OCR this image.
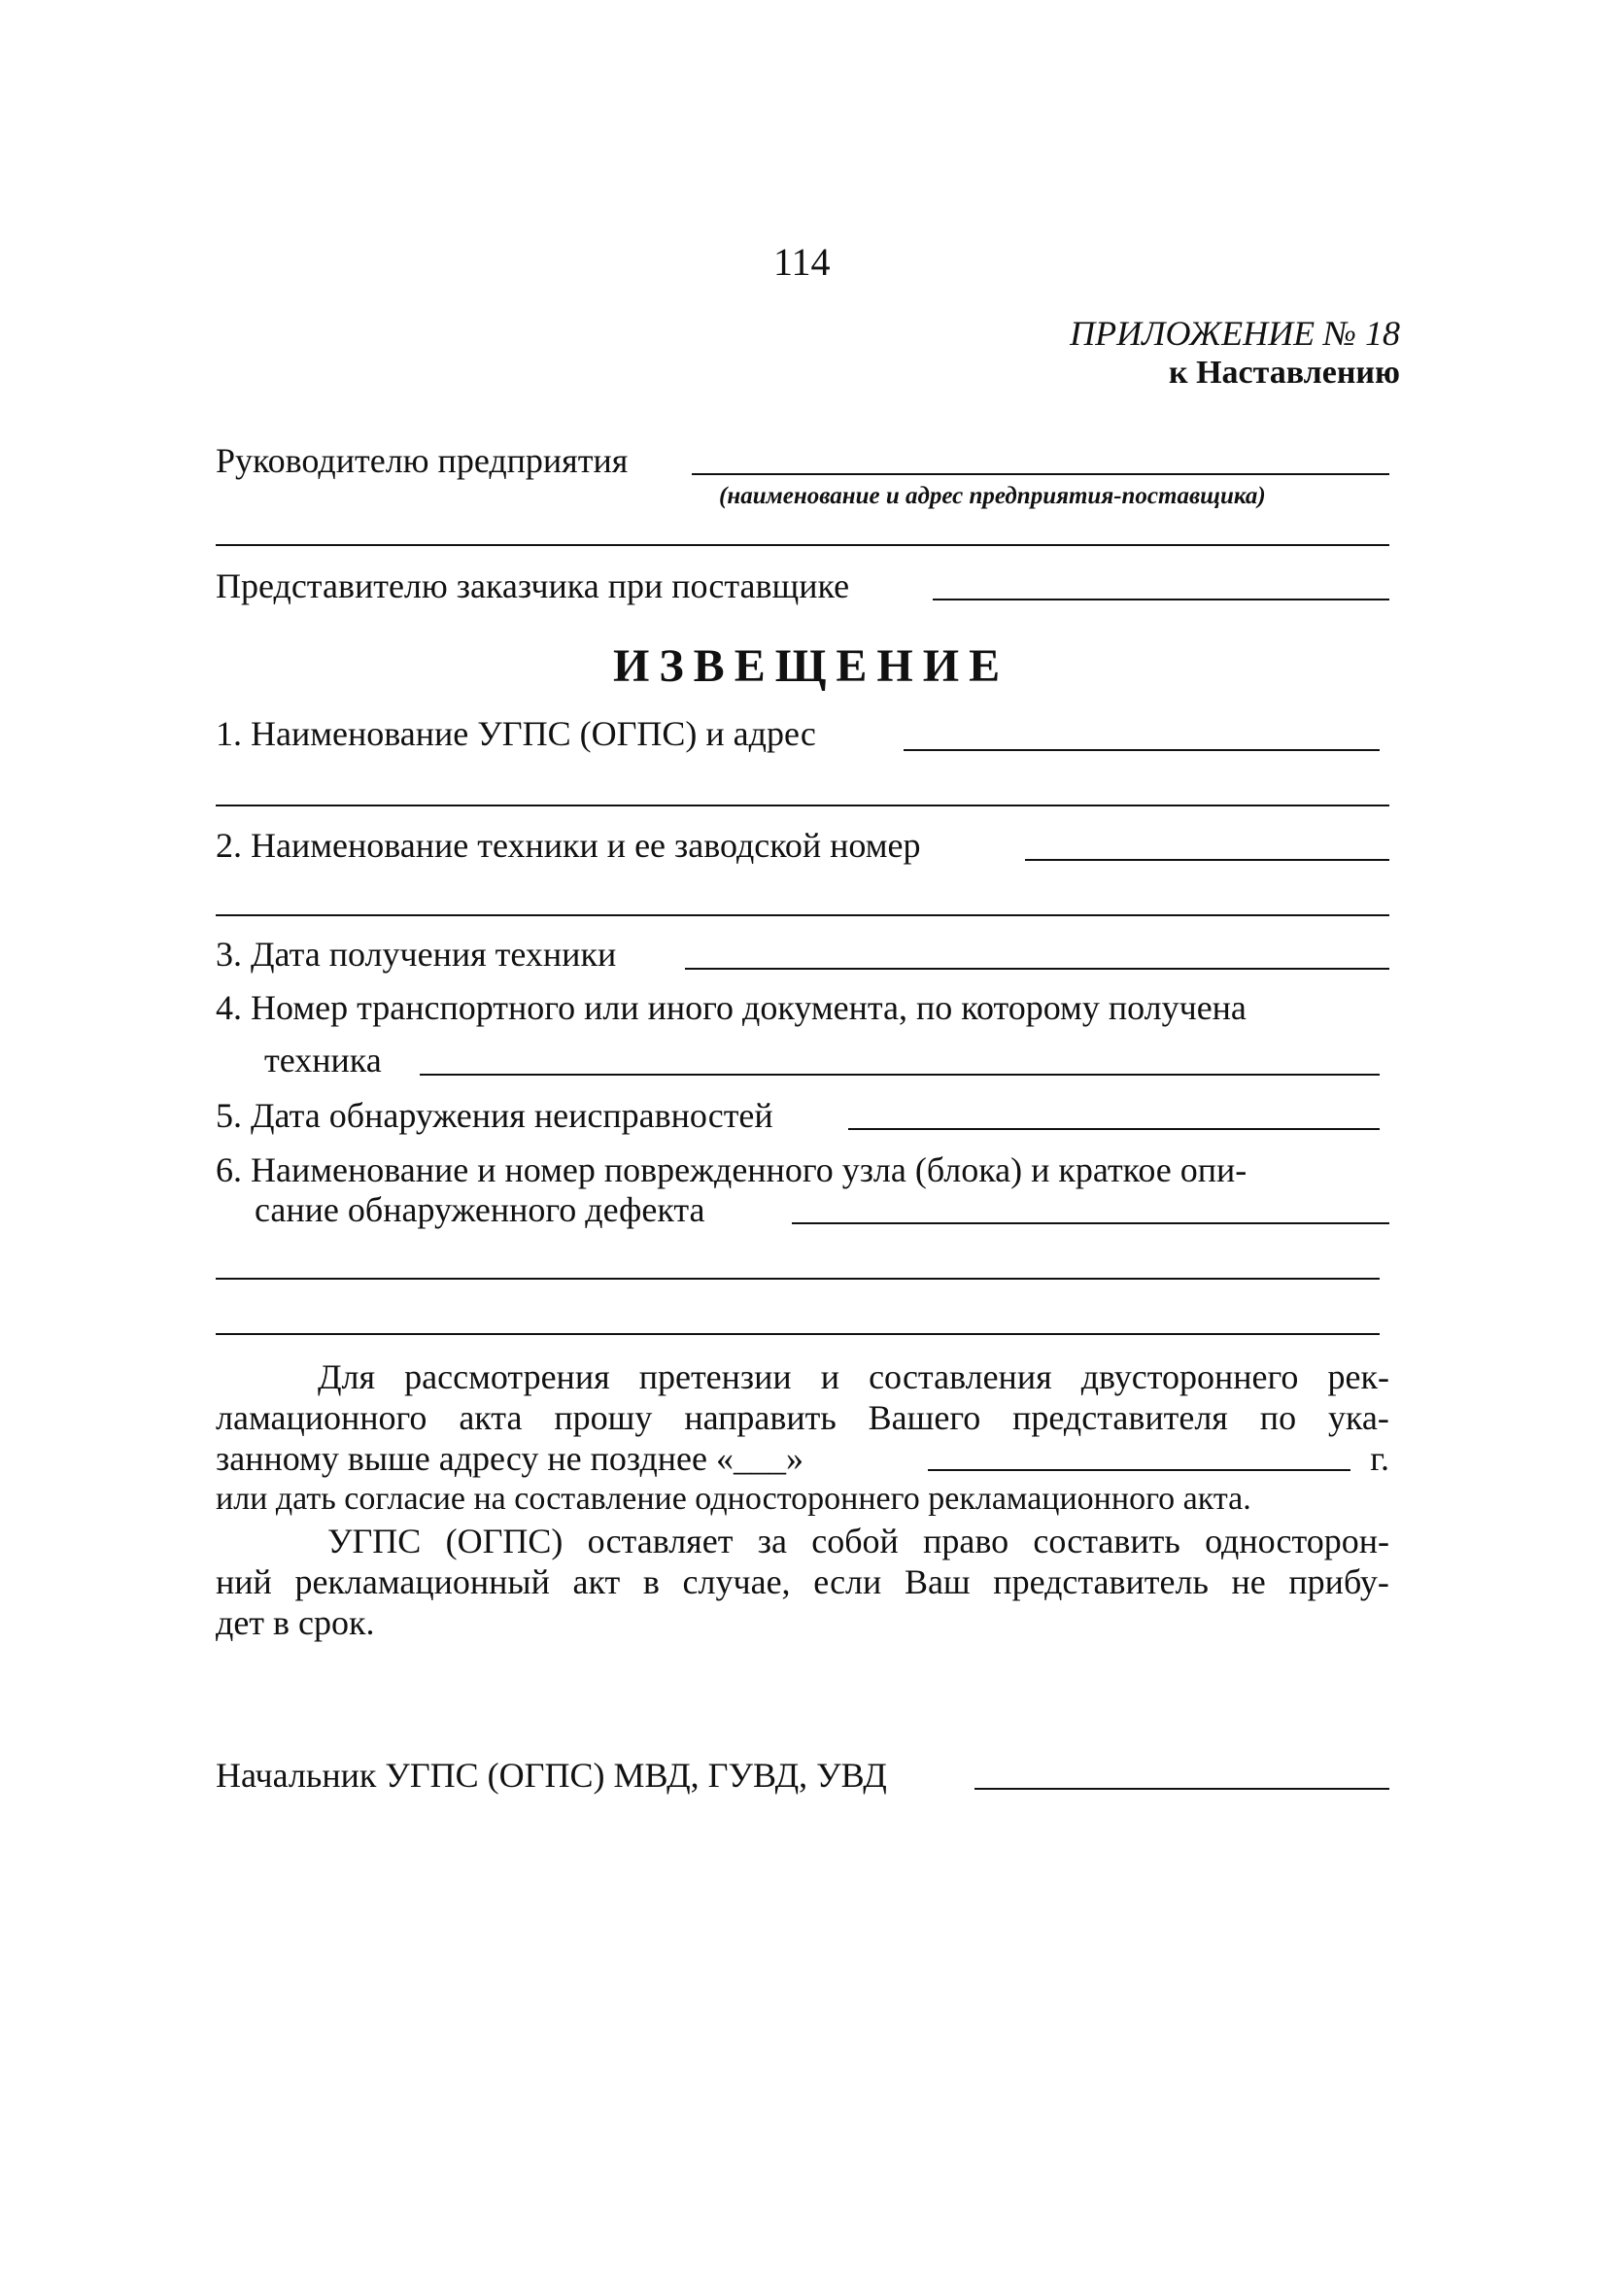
114
ПРИЛОЖЕНИЕ № 18
к Наставлению
Руководителю предприятия
(наименование и адрес предприятия-поставщика)
Представителю заказчика при поставщике
ИЗВЕЩЕНИЕ
1. Наименование УГПС (ОГПС) и адрес
2. Наименование техники и ее заводской номер
3. Дата получения техники
4. Номер транспортного или иного документа, по которому получена
техника
5. Дата обнаружения неисправностей
6. Наименование и номер поврежденного узла (блока) и краткое опи-
сание обнаруженного дефекта
Для рассмотрения претензии и составления двустороннего рек-
ламационного акта прошу направить Вашего представителя по ука-
занному выше адресу не позднее «___»	г.
или дать согласие на составление одностороннего рекламационного акта.
УГПС (ОГПС) оставляет за собой право составить односторон-
ний рекламационный акт в случае, если Ваш представитель не прибу-
дет в срок.
Начальник УГПС (ОГПС) МВД, ГУВД, УВД
